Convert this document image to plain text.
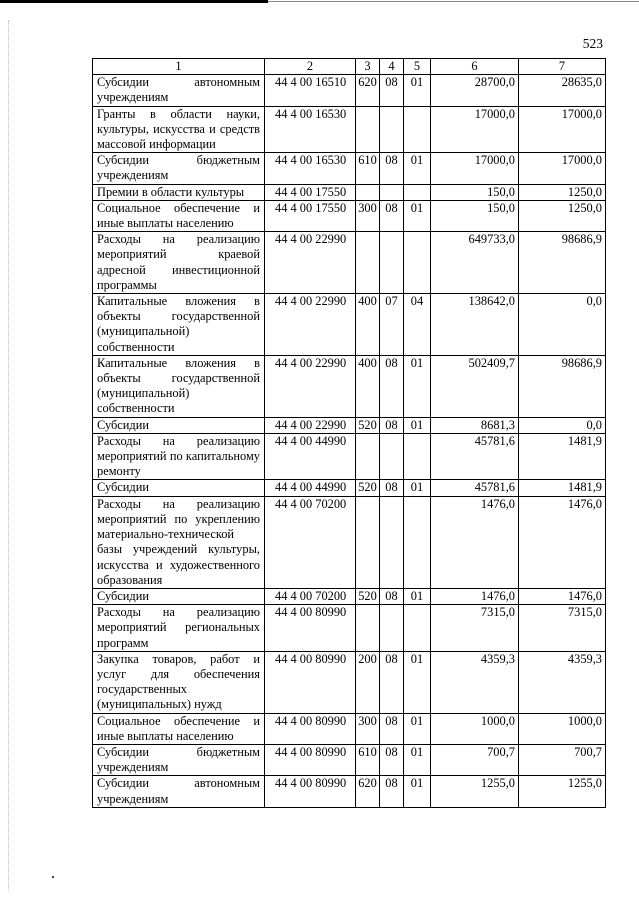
523
1	2	3	4	5	6	7
Субсидии автономным учреждениям	44 4 00 16510	620	08	01	28700,0	28635,0
Гранты в области науки, культуры, искусства и средств массовой информации	44 4 00 16530				17000,0	17000,0
Субсидии бюджетным учреждениям	44 4 00 16530	610	08	01	17000,0	17000,0
Премии в области культуры	44 4 00 17550				150,0	1250,0
Социальное обеспечение и иные выплаты населению	44 4 00 17550	300	08	01	150,0	1250,0
Расходы на реализацию мероприятий краевой адресной инвестиционной программы	44 4 00 22990				649733,0	98686,9
Капитальные вложения в объекты государственной (муниципальной) собственности	44 4 00 22990	400	07	04	138642,0	0,0
Капитальные вложения в объекты государственной (муниципальной) собственности	44 4 00 22990	400	08	01	502409,7	98686,9
Субсидии	44 4 00 22990	520	08	01	8681,3	0,0
Расходы на реализацию мероприятий по капитальному ремонту	44 4 00 44990				45781,6	1481,9
Субсидии	44 4 00 44990	520	08	01	45781,6	1481,9
Расходы на реализацию мероприятий по укреплению материально-технической базы учреждений культуры, искусства и художественного образования	44 4 00 70200				1476,0	1476,0
Субсидии	44 4 00 70200	520	08	01	1476,0	1476,0
Расходы на реализацию мероприятий региональных программ	44 4 00 80990				7315,0	7315,0
Закупка товаров, работ и услуг для обеспечения государственных (муниципальных) нужд	44 4 00 80990	200	08	01	4359,3	4359,3
Социальное обеспечение и иные выплаты населению	44 4 00 80990	300	08	01	1000,0	1000,0
Субсидии бюджетным учреждениям	44 4 00 80990	610	08	01	700,7	700,7
Субсидии автономным учреждениям	44 4 00 80990	620	08	01	1255,0	1255,0
